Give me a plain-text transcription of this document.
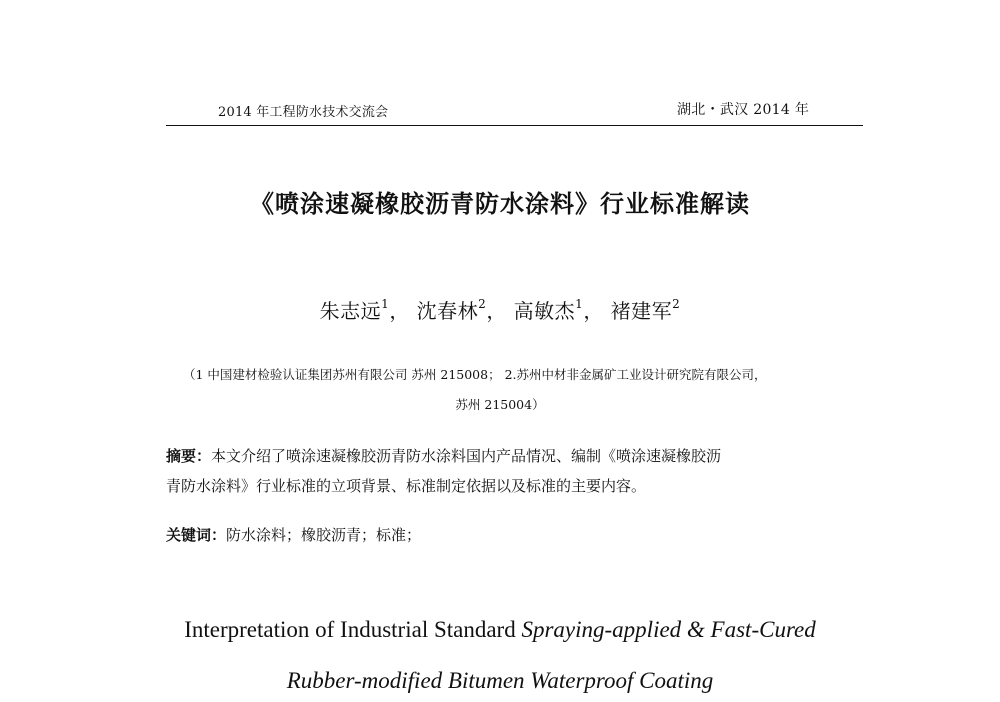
2014 年工程防水技术交流会	湖北・武汉 2014 年
《喷涂速凝橡胶沥青防水涂料》行业标准解读
朱志远$^1$， 沈春林$^2$， 高敏杰$^1$， 褚建军$^2$
（1 中国建材检验认证集团苏州有限公司 苏州 215008； 2.苏州中材非金属矿工业设计研究院有限公司，
苏州 215004）
摘要：本文介绍了喷涂速凝橡胶沥青防水涂料国内产品情况、编制《喷涂速凝橡胶沥
青防水涂料》行业标准的立项背景、标准制定依据以及标准的主要内容。
关键词：防水涂料；橡胶沥青；标准；
Interpretation of Industrial Standard Spraying-applied & Fast-Cured
Rubber-modified Bitumen Waterproof Coating
